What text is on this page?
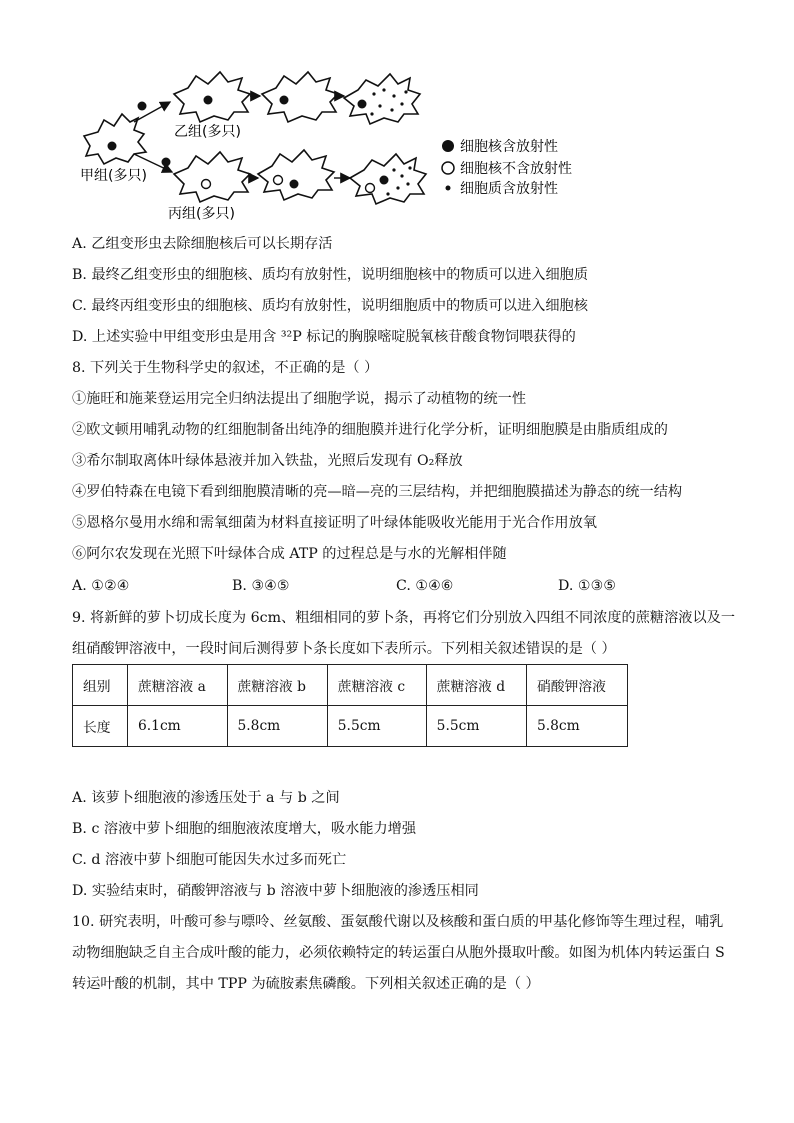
乙组(多只)
甲组(多只)
丙组(多只)
细胞核含放射性
细胞核不含放射性
细胞质含放射性
A. 乙组变形虫去除细胞核后可以长期存活
B. 最终乙组变形虫的细胞核、质均有放射性，说明细胞核中的物质可以进入细胞质
C. 最终丙组变形虫的细胞核、质均有放射性，说明细胞质中的物质可以进入细胞核
D. 上述实验中甲组变形虫是用含 ³²P 标记的胸腺嘧啶脱氧核苷酸食物饲喂获得的
8. 下列关于生物科学史的叙述，不正确的是（ ）
①施旺和施莱登运用完全归纳法提出了细胞学说，揭示了动植物的统一性
②欧文顿用哺乳动物的红细胞制备出纯净的细胞膜并进行化学分析，证明细胞膜是由脂质组成的
③希尔制取离体叶绿体悬液并加入铁盐，光照后发现有 O₂释放
④罗伯特森在电镜下看到细胞膜清晰的亮—暗—亮的三层结构，并把细胞膜描述为静态的统一结构
⑤恩格尔曼用水绵和需氧细菌为材料直接证明了叶绿体能吸收光能用于光合作用放氧
⑥阿尔农发现在光照下叶绿体合成 ATP 的过程总是与水的光解相伴随
A. ①②④	B. ③④⑤	C. ①④⑥	D. ①③⑤
9. 将新鲜的萝卜切成长度为 6cm、粗细相同的萝卜条，再将它们分别放入四组不同浓度的蔗糖溶液以及一
组硝酸钾溶液中，一段时间后测得萝卜条长度如下表所示。下列相关叙述错误的是（ ）
组别	蔗糖溶液 a	蔗糖溶液 b	蔗糖溶液 c	蔗糖溶液 d	硝酸钾溶液
长度	6.1cm	5.8cm	5.5cm	5.5cm	5.8cm
A. 该萝卜细胞液的渗透压处于 a 与 b 之间
B. c 溶液中萝卜细胞的细胞液浓度增大，吸水能力增强
C. d 溶液中萝卜细胞可能因失水过多而死亡
D. 实验结束时，硝酸钾溶液与 b 溶液中萝卜细胞液的渗透压相同
10. 研究表明，叶酸可参与嘌呤、丝氨酸、蛋氨酸代谢以及核酸和蛋白质的甲基化修饰等生理过程，哺乳
动物细胞缺乏自主合成叶酸的能力，必须依赖特定的转运蛋白从胞外摄取叶酸。如图为机体内转运蛋白 S
转运叶酸的机制，其中 TPP 为硫胺素焦磷酸。下列相关叙述正确的是（ ）
